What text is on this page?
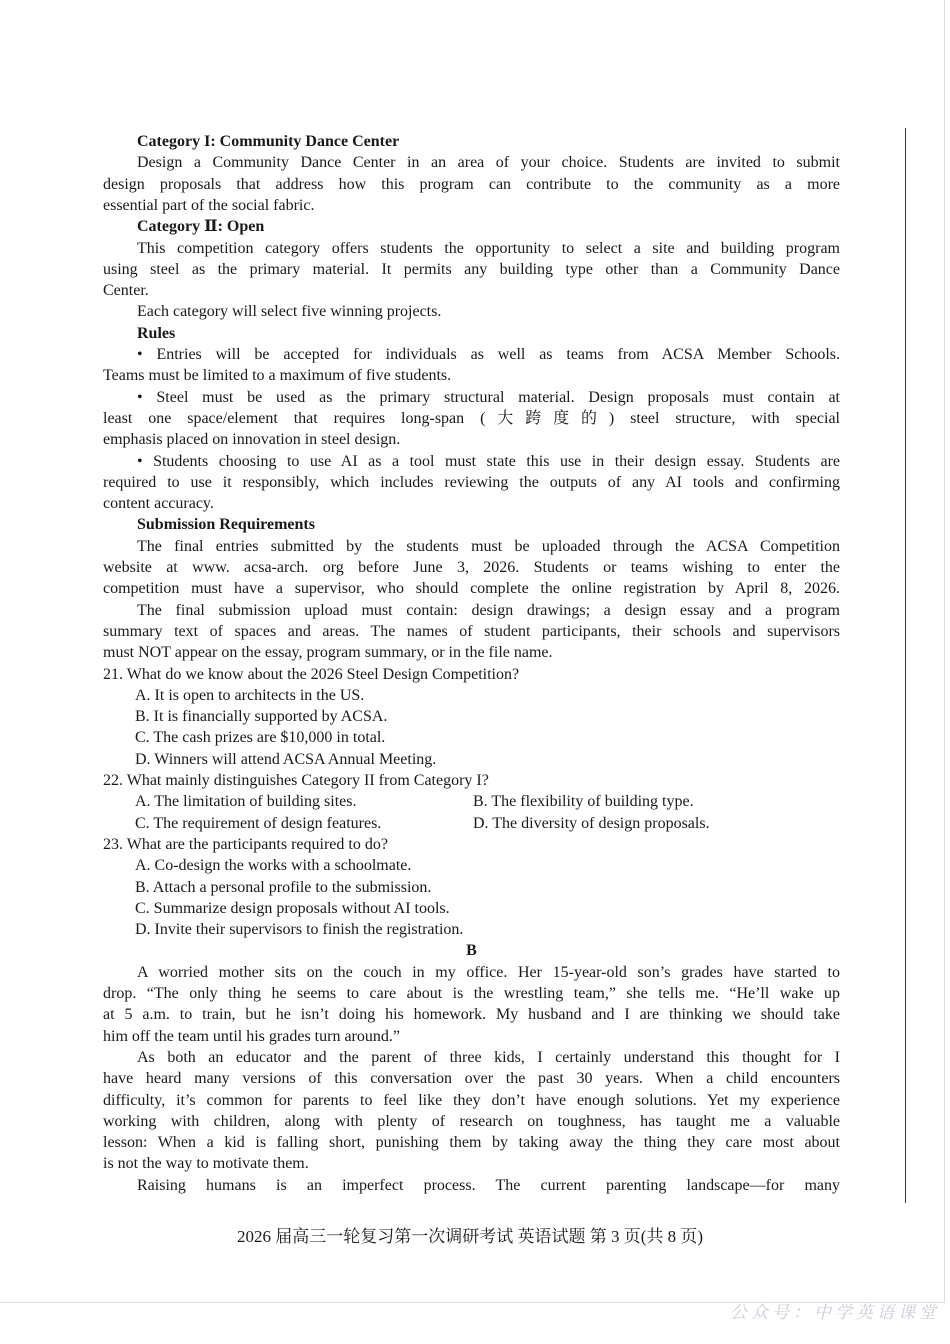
Category I: Community Dance Center
Design a Community Dance Center in an area of your choice. Students are invited to submit
design proposals that address how this program can contribute to the community as a more
essential part of the social fabric.
Category Ⅱ: Open
This competition category offers students the opportunity to select a site and building program
using steel as the primary material. It permits any building type other than a Community Dance
Center.
Each category will select five winning projects.
Rules
• Entries will be accepted for individuals as well as teams from ACSA Member Schools.
Teams must be limited to a maximum of five students.
• Steel must be used as the primary structural material. Design proposals must contain at
least one space/element that requires long-span (大跨度的) steel structure, with special
emphasis placed on innovation in steel design.
• Students choosing to use AI as a tool must state this use in their design essay. Students are
required to use it responsibly, which includes reviewing the outputs of any AI tools and confirming
content accuracy.
Submission Requirements
The final entries submitted by the students must be uploaded through the ACSA Competition
website at www. acsa-arch. org before June 3, 2026. Students or teams wishing to enter the
competition must have a supervisor, who should complete the online registration by April 8, 2026.
The final submission upload must contain: design drawings; a design essay and a program
summary text of spaces and areas. The names of student participants, their schools and supervisors
must NOT appear on the essay, program summary, or in the file name.
21. What do we know about the 2026 Steel Design Competition?
A. It is open to architects in the US.
B. It is financially supported by ACSA.
C. The cash prizes are $10,000 in total.
D. Winners will attend ACSA Annual Meeting.
22. What mainly distinguishes Category II from Category I?
A. The limitation of building sites.	B. The flexibility of building type.
C. The requirement of design features.	D. The diversity of design proposals.
23. What are the participants required to do?
A. Co-design the works with a schoolmate.
B. Attach a personal profile to the submission.
C. Summarize design proposals without AI tools.
D. Invite their supervisors to finish the registration.
B
A worried mother sits on the couch in my office. Her 15-year-old son’s grades have started to
drop. “The only thing he seems to care about is the wrestling team,” she tells me. “He’ll wake up
at 5 a.m. to train, but he isn’t doing his homework. My husband and I are thinking we should take
him off the team until his grades turn around.”
As both an educator and the parent of three kids, I certainly understand this thought for I
have heard many versions of this conversation over the past 30 years. When a child encounters
difficulty, it’s common for parents to feel like they don’t have enough solutions. Yet my experience
working with children, along with plenty of research on toughness, has taught me a valuable
lesson: When a kid is falling short, punishing them by taking away the thing they care most about
is not the way to motivate them.
Raising humans is an imperfect process. The current parenting landscape—for many
2026 届高三一轮复习第一次调研考试 英语试题 第 3 页(共 8 页)
公众号：中学英语课堂
